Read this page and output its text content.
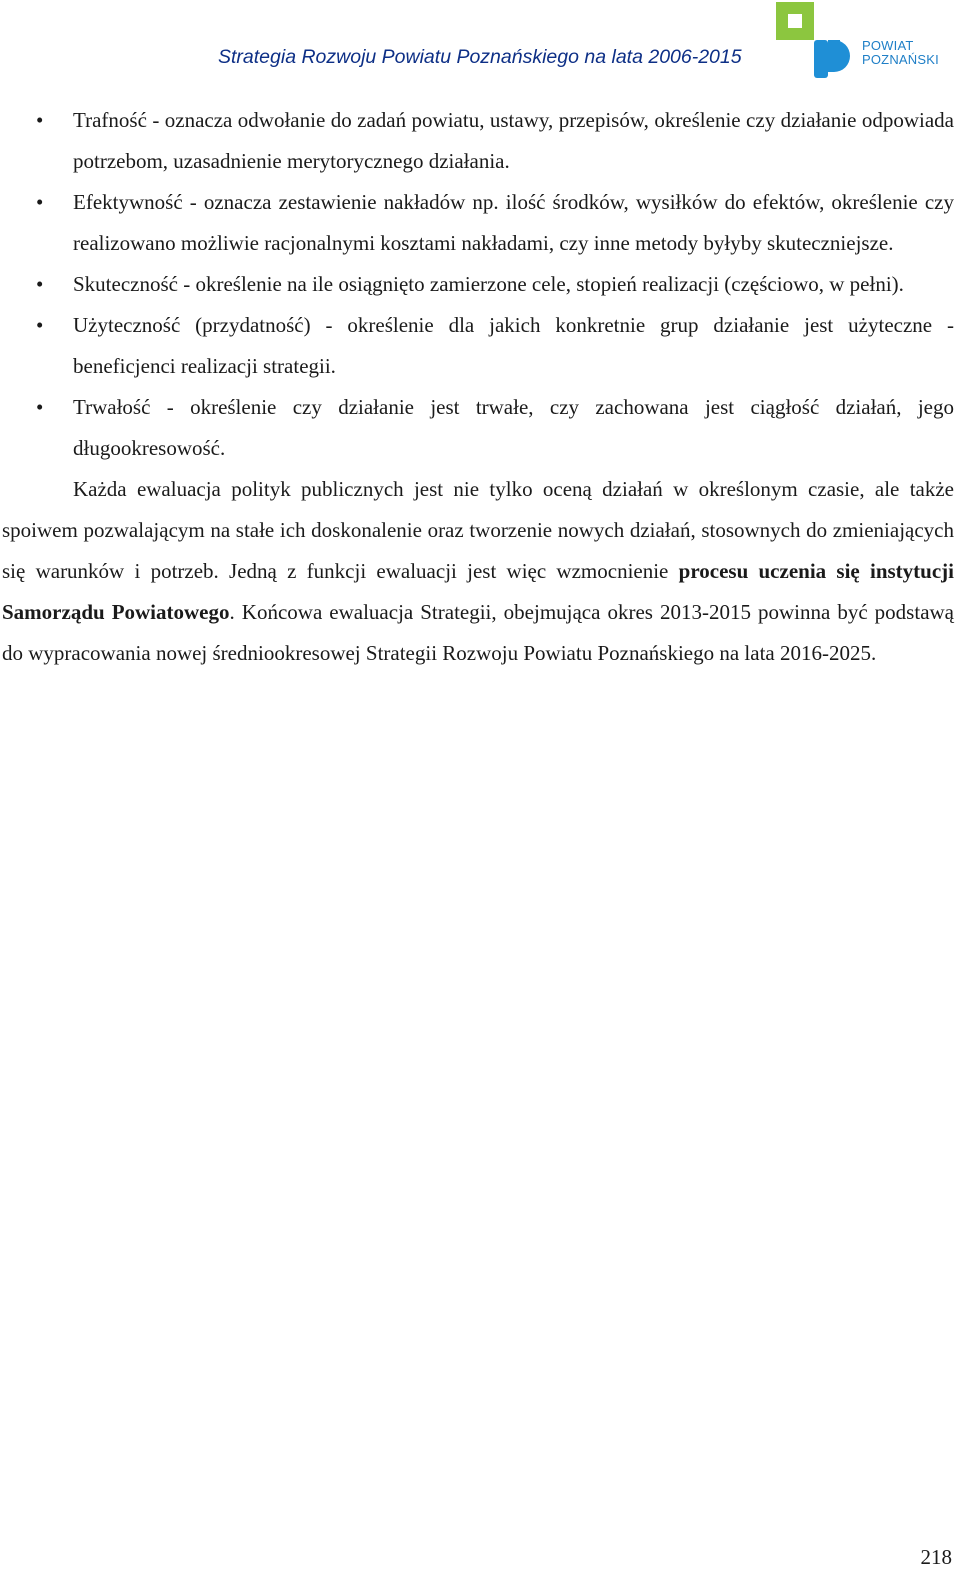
Strategia Rozwoju Powiatu Poznańskiego na lata 2006-2015
POWIAT
POZNAŃSKI
• Trafność - oznacza odwołanie do zadań powiatu, ustawy, przepisów, określenie czy działanie odpowiada potrzebom, uzasadnienie merytorycznego działania.
• Efektywność - oznacza zestawienie nakładów np. ilość środków, wysiłków do efektów, określenie czy realizowano możliwie racjonalnymi kosztami nakładami, czy inne metody byłyby skuteczniejsze.
• Skuteczność - określenie na ile osiągnięto zamierzone cele, stopień realizacji (częściowo, w pełni).
• Użyteczność (przydatność) - określenie dla jakich konkretnie grup działanie jest użyteczne - beneficjenci realizacji strategii.
• Trwałość - określenie czy działanie jest trwałe, czy zachowana jest ciągłość działań, jego długookresowość.

Każda ewaluacja polityk publicznych jest nie tylko oceną działań w określonym czasie, ale także spoiwem pozwalającym na stałe ich doskonalenie oraz tworzenie nowych działań, stosownych do zmieniających się warunków i potrzeb. Jedną z funkcji ewaluacji jest więc wzmocnienie procesu uczenia się instytucji Samorządu Powiatowego. Końcowa ewaluacja Strategii, obejmująca okres 2013-2015 powinna być podstawą do wypracowania nowej średniookresowej Strategii Rozwoju Powiatu Poznańskiego na lata 2016-2025.

218
